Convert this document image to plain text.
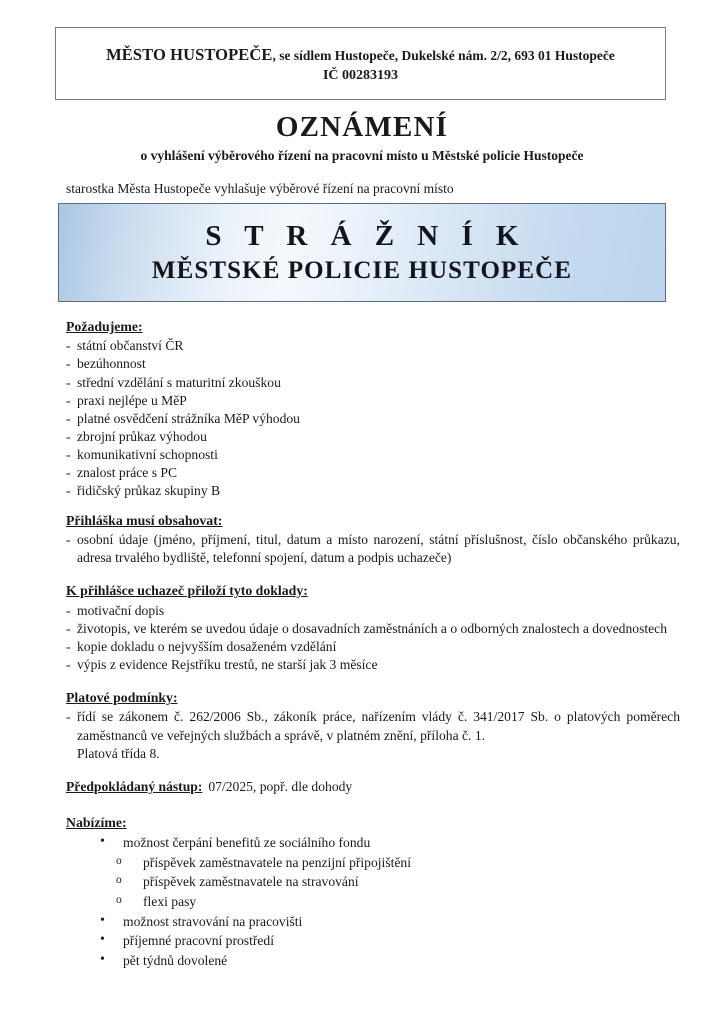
MĚSTO HUSTOPEČE, se sídlem Hustopeče, Dukelské nám. 2/2, 693 01 Hustopeče
IČ 00283193
OZNÁMENÍ
o vyhlášení výběrového řízení na pracovní místo u Městské policie Hustopeče
starostka Města Hustopeče vyhlašuje výběrové řízení na pracovní místo
S T R Á Ž N Í K
MĚSTSKÉ POLICIE HUSTOPEČE
Požadujeme:
- státní občanství ČR
- bezúhonnost
- střední vzdělání s maturitní zkouškou
- praxi nejlépe u MěP
- platné osvědčení strážníka MěP výhodou
- zbrojní průkaz výhodou
- komunikativní schopnosti
- znalost práce s PC
- řidičský průkaz skupiny B
Přihláška musí obsahovat:
- osobní údaje (jméno, příjmení, titul, datum a místo narození, státní příslušnost, číslo občanského průkazu, adresa trvalého bydliště, telefonní spojení, datum a podpis uchazeče)
K přihlášce uchazeč přiloží tyto doklady:
- motivační dopis
- životopis, ve kterém se uvedou údaje o dosavadních zaměstnáních a o odborných znalostech a dovednostech
- kopie dokladu o nejvyšším dosaženém vzdělání
- výpis z evidence Rejstříku trestů, ne starší jak 3 měsíce
Platové podmínky:
- řídí se zákonem č. 262/2006 Sb., zákoník práce, nařízením vlády č. 341/2017 Sb. o platových poměrech zaměstnanců ve veřejných službách a správě, v platném znění, příloha č. 1.
Platová třída 8.

Předpokládaný nástup: 07/2025, popř. dle dohody

Nabízíme:
• možnost čerpání benefitů ze sociálního fondu
o příspěvek zaměstnavatele na penzijní připojištění
o příspěvek zaměstnavatele na stravování
o flexi pasy
• možnost stravování na pracovišti
• příjemné pracovní prostředí
• pět týdnů dovolené
